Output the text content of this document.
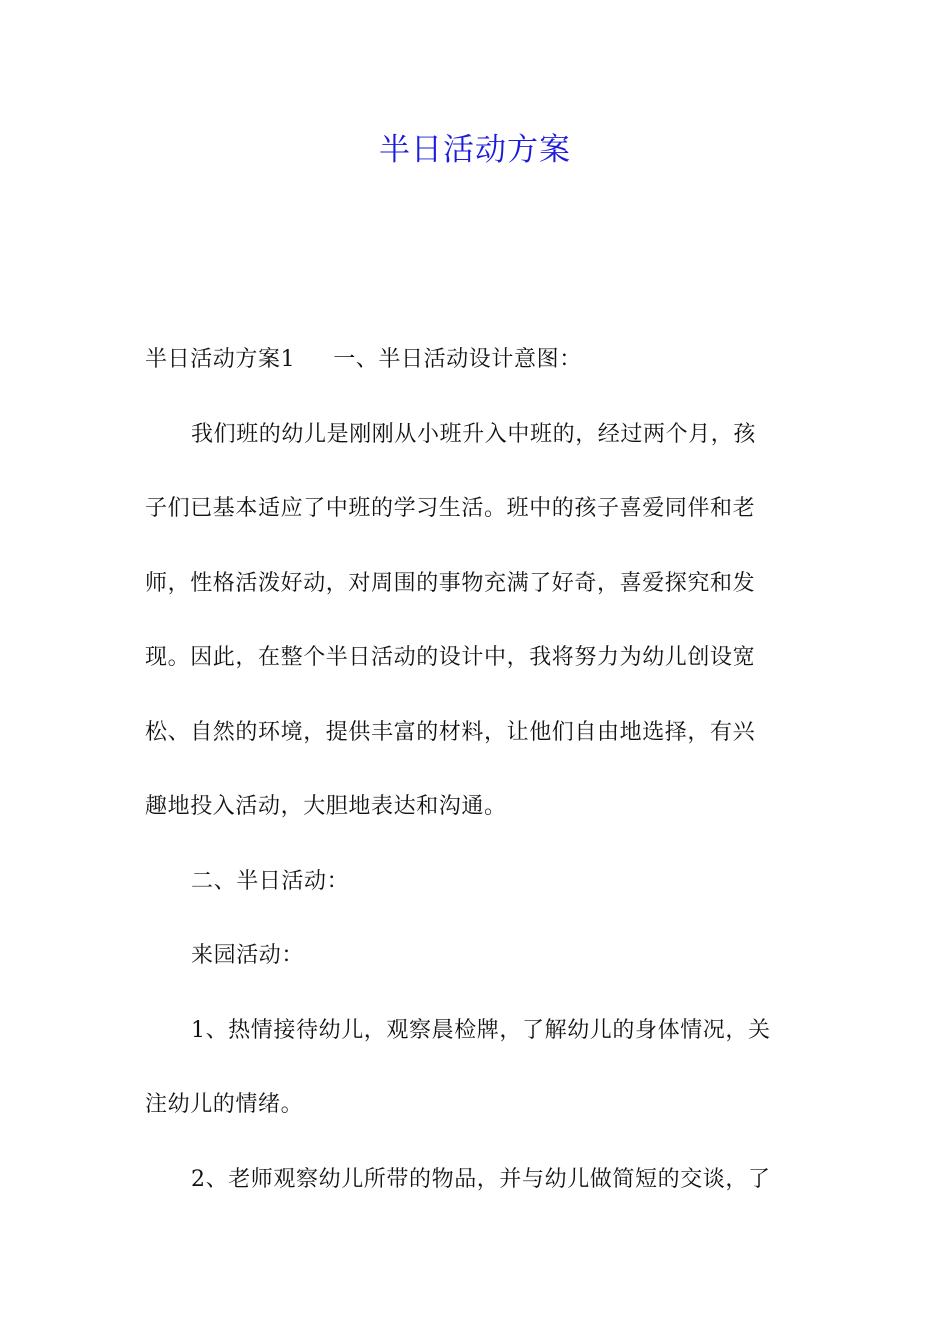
半日活动方案
半日活动方案1 一、半日活动设计意图：
我们班的幼儿是刚刚从小班升入中班的，经过两个月，孩
子们已基本适应了中班的学习生活。班中的孩子喜爱同伴和老
师，性格活泼好动，对周围的事物充满了好奇，喜爱探究和发
现。因此，在整个半日活动的设计中，我将努力为幼儿创设宽
松、自然的环境，提供丰富的材料，让他们自由地选择，有兴
趣地投入活动，大胆地表达和沟通。
二、半日活动：
来园活动：
1、热情接待幼儿，观察晨检牌，了解幼儿的身体情况，关
注幼儿的情绪。
2、老师观察幼儿所带的物品，并与幼儿做简短的交谈，了
